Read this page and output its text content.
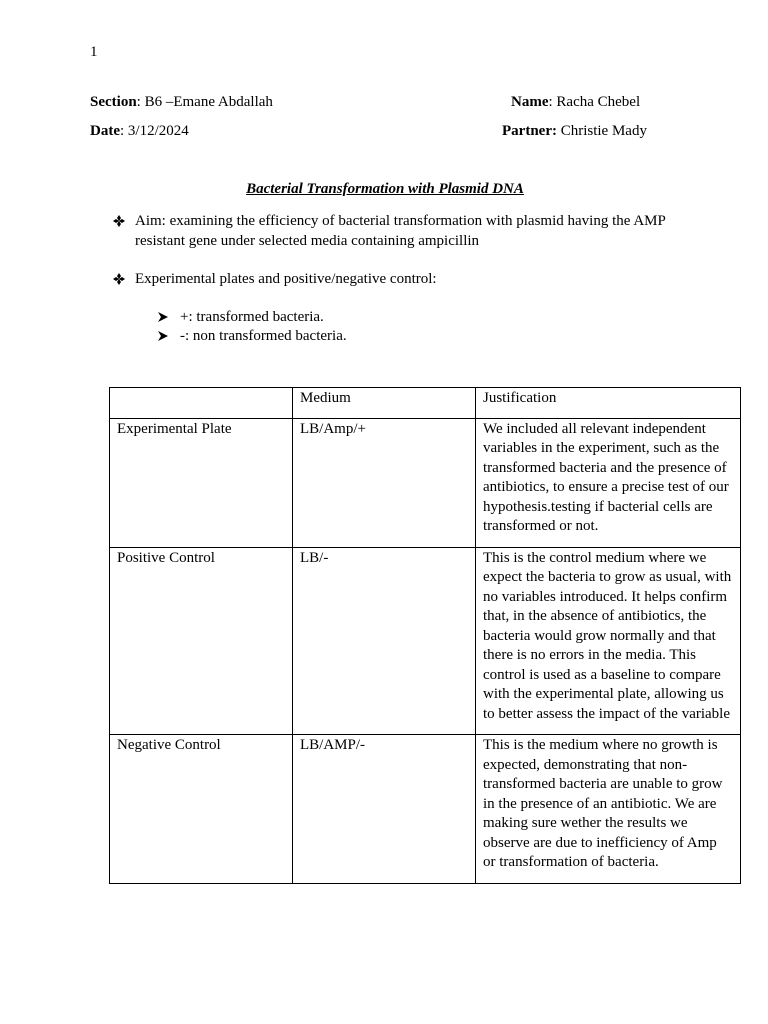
1
Section: B6 –Emane Abdallah
Date: 3/12/2024
Name: Racha Chebel
Partner: Christie Mady
Bacterial Transformation with Plasmid DNA
Aim: examining the efficiency of bacterial transformation with plasmid having the AMP resistant gene under selected media containing ampicillin
Experimental plates and positive/negative control:
+: transformed bacteria.
-: non transformed bacteria.
	Medium	Justification
Experimental Plate	LB/Amp/+	We included all relevant independent variables in the experiment, such as the transformed bacteria and the presence of antibiotics, to ensure a precise test of our hypothesis.testing if bacterial cells are transformed or not.
Positive Control	LB/-	This is the control medium where we expect the bacteria to grow as usual, with no variables introduced. It helps confirm that, in the absence of antibiotics, the bacteria would grow normally and that there is no errors in the media. This control is used as a baseline to compare with the experimental plate, allowing us to better assess the impact of the variable
Negative Control	LB/AMP/-	This is the medium where no growth is expected, demonstrating that non-transformed bacteria are unable to grow in the presence of an antibiotic. We are making sure wether the results we observe are due to inefficiency of Amp or transformation of bacteria.
